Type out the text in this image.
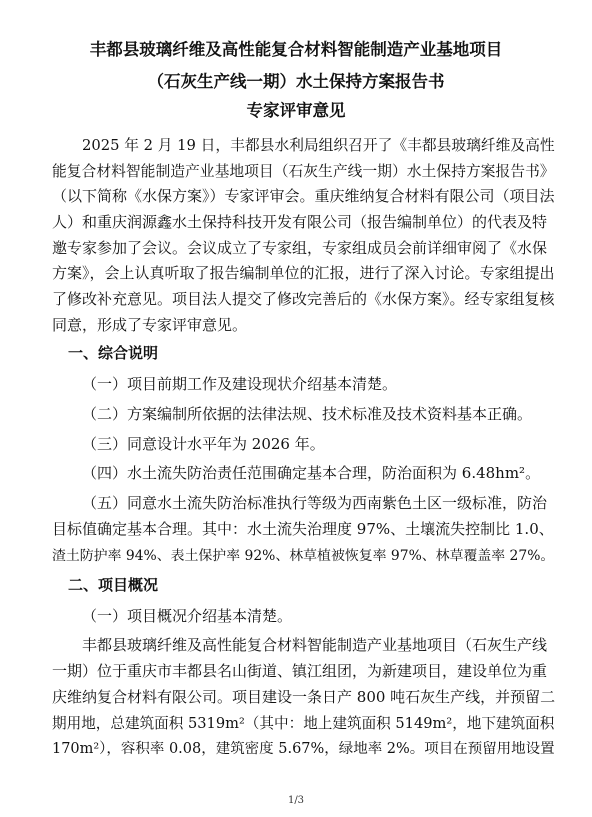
丰都县玻璃纤维及高性能复合材料智能制造产业基地项目
（石灰生产线一期）水土保持方案报告书
专家评审意见
2025 年 2 月 19 日，丰都县水利局组织召开了《丰都县玻璃纤维及高性
能复合材料智能制造产业基地项目（石灰生产线一期）水土保持方案报告书》
（以下简称《水保方案》）专家评审会。重庆维纳复合材料有限公司（项目法
人）和重庆润源鑫水土保持科技开发有限公司（报告编制单位）的代表及特
邀专家参加了会议。会议成立了专家组，专家组成员会前详细审阅了《水保
方案》，会上认真听取了报告编制单位的汇报，进行了深入讨论。专家组提出
了修改补充意见。项目法人提交了修改完善后的《水保方案》。经专家组复核
同意，形成了专家评审意见。
一、综合说明
（一）项目前期工作及建设现状介绍基本清楚。
（二）方案编制所依据的法律法规、技术标准及技术资料基本正确。
（三）同意设计水平年为 2026 年。
（四）水土流失防治责任范围确定基本合理，防治面积为 6.48hm²。
（五）同意水土流失防治标准执行等级为西南紫色土区一级标准，防治
目标值确定基本合理。其中：水土流失治理度 97%、土壤流失控制比 1.0、
渣土防护率 94%、表土保护率 92%、林草植被恢复率 97%、林草覆盖率 27%。
二、项目概况
（一）项目概况介绍基本清楚。
丰都县玻璃纤维及高性能复合材料智能制造产业基地项目（石灰生产线
一期）位于重庆市丰都县名山街道、镇江组团，为新建项目，建设单位为重
庆维纳复合材料有限公司。项目建设一条日产 800 吨石灰生产线，并预留二
期用地，总建筑面积 5319m²（其中：地上建筑面积 5149m²，地下建筑面积
170m²），容积率 0.08，建筑密度 5.67%，绿地率 2%。项目在预留用地设置
1/3
